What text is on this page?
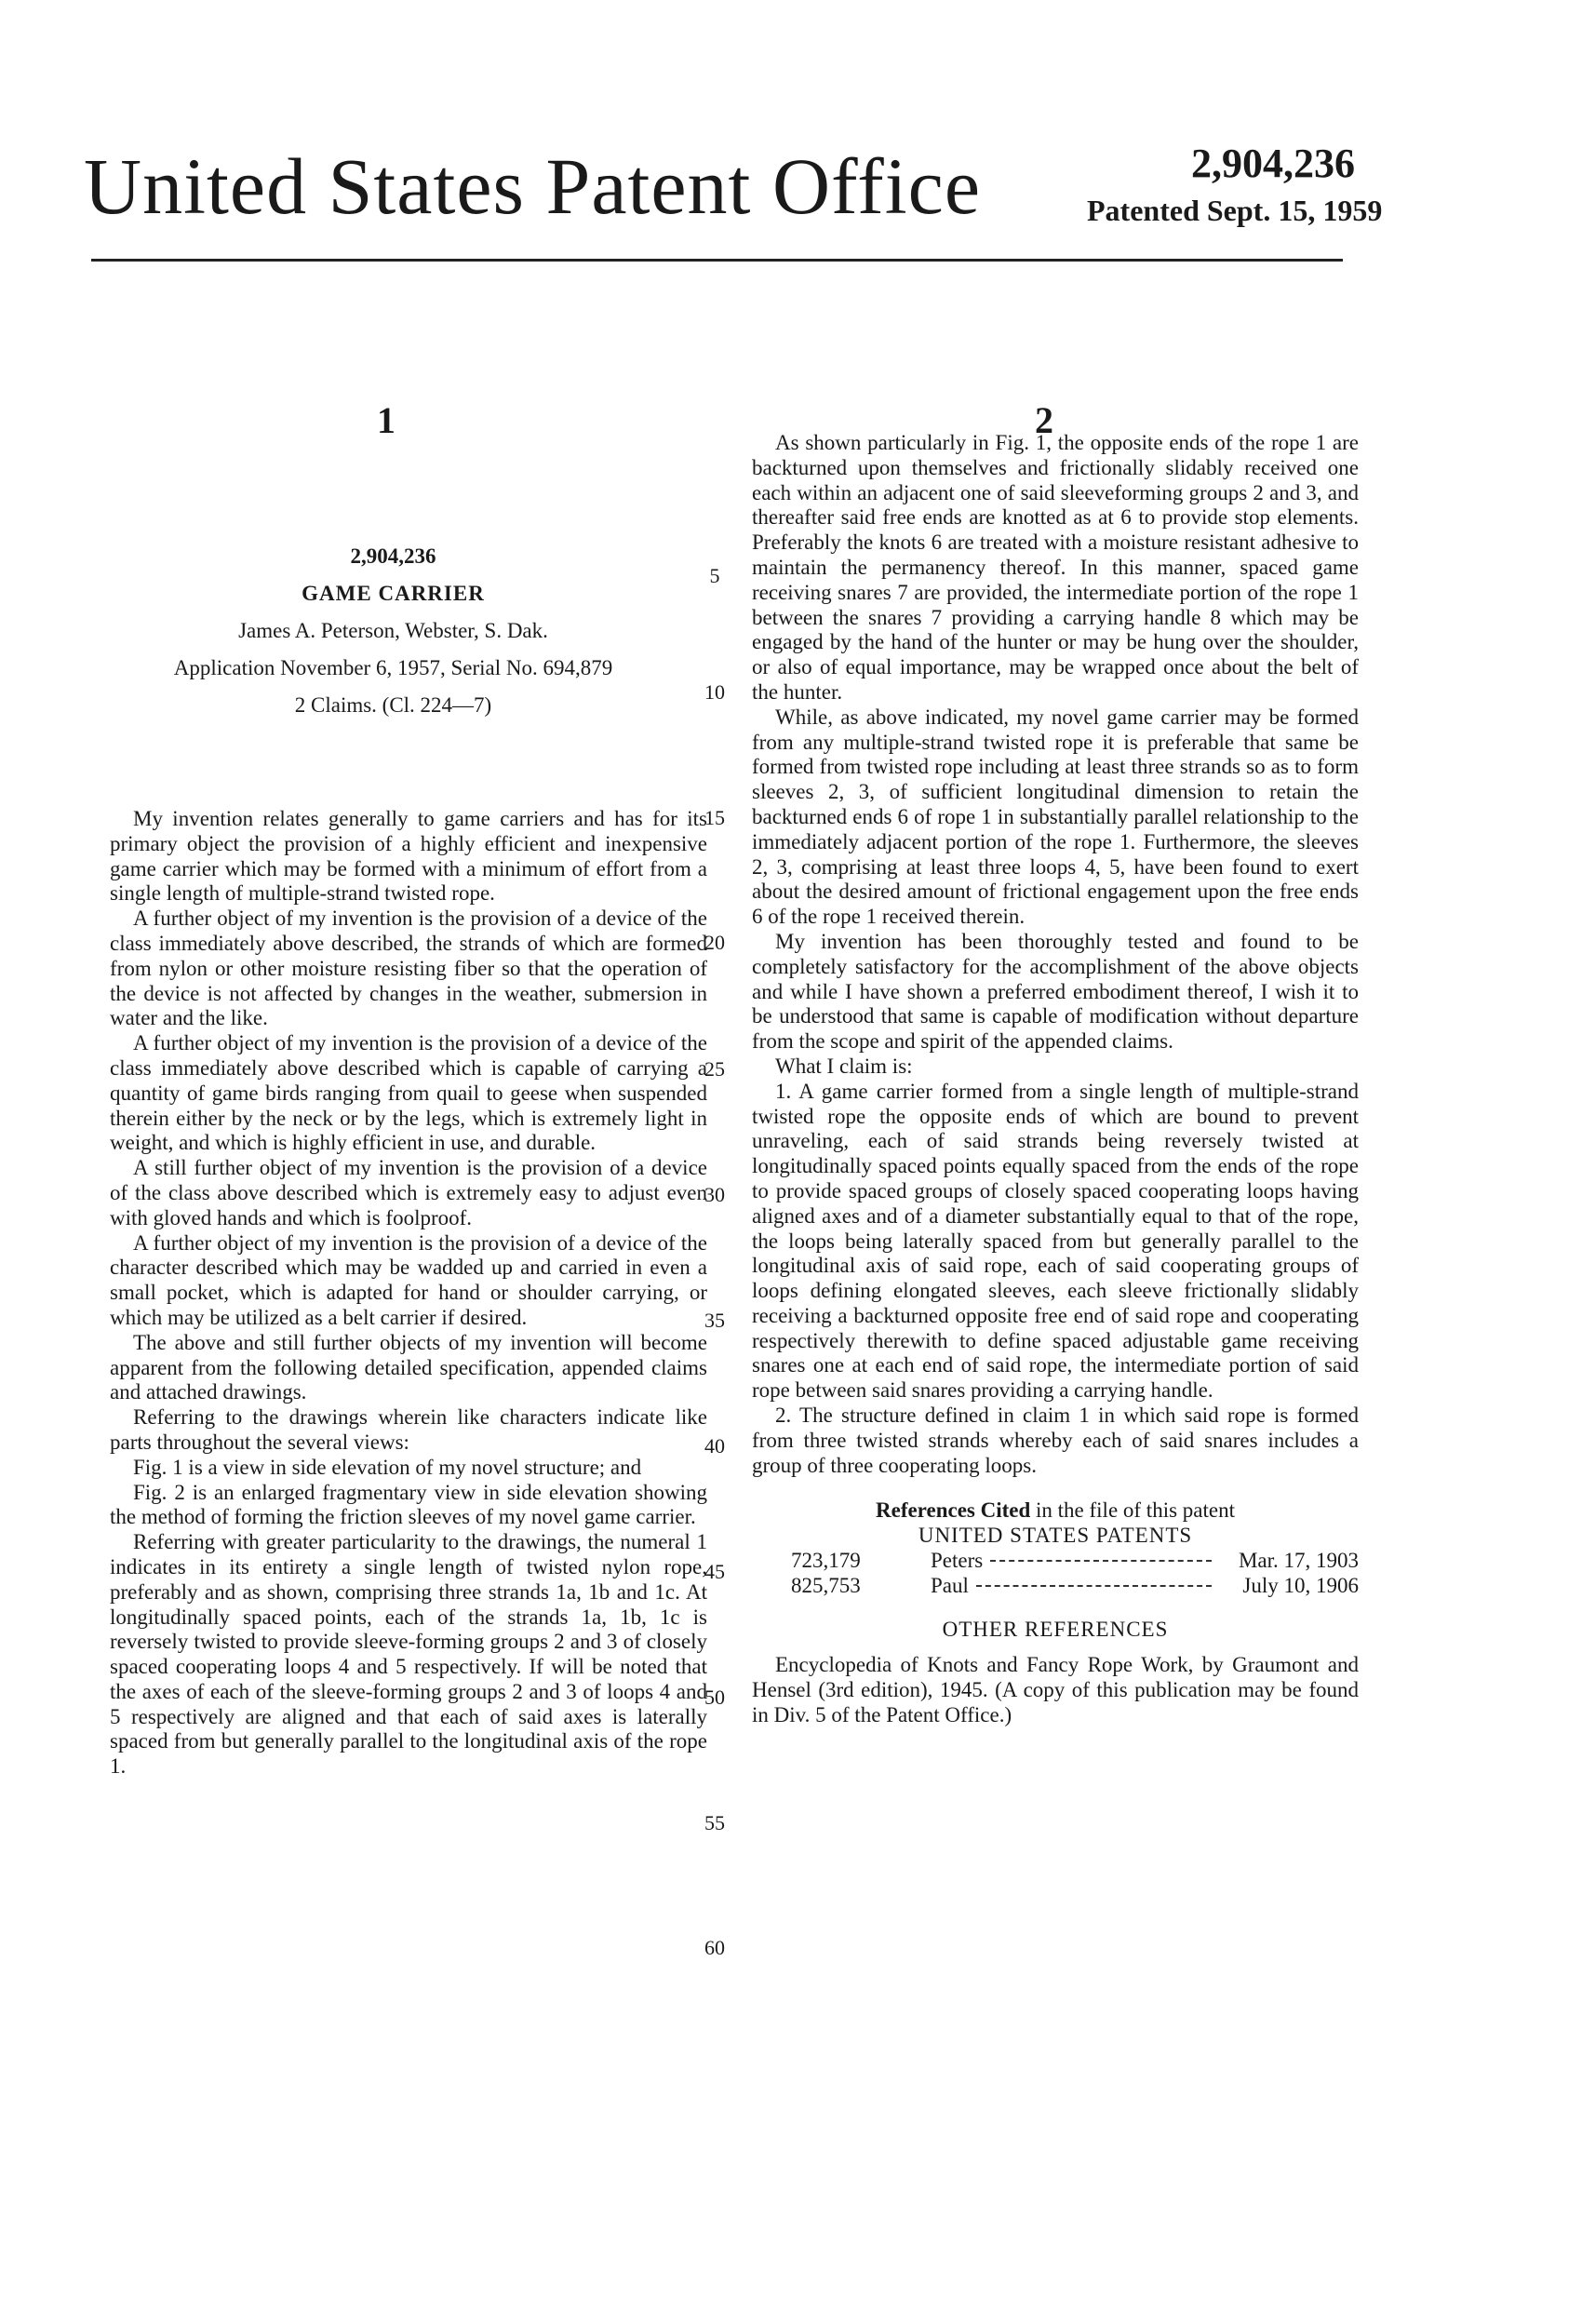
United States Patent Office	2,904,236
Patented Sept. 15, 1959
1	2
2,904,236
GAME CARRIER
James A. Peterson, Webster, S. Dak.
Application November 6, 1957, Serial No. 694,879
2 Claims. (Cl. 224—7)

My invention relates generally to game carriers and has for its primary object the provision of a highly efficient and inexpensive game carrier which may be formed with a minimum of effort from a single length of multiple-strand twisted rope.

A further object of my invention is the provision of a device of the class immediately above described, the strands of which are formed from nylon or other moisture resisting fiber so that the operation of the device is not affected by changes in the weather, submersion in water and the like.

A further object of my invention is the provision of a device of the class immediately above described which is capable of carrying a quantity of game birds ranging from quail to geese when suspended therein either by the neck or by the legs, which is extremely light in weight, and which is highly efficient in use, and durable.

A still further object of my invention is the provision of a device of the class above described which is extremely easy to adjust even with gloved hands and which is foolproof.

A further object of my invention is the provision of a device of the character described which may be wadded up and carried in even a small pocket, which is adapted for hand or shoulder carrying, or which may be utilized as a belt carrier if desired.

The above and still further objects of my invention will become apparent from the following detailed specification, appended claims and attached drawings.

Referring to the drawings wherein like characters indicate like parts throughout the several views:

Fig. 1 is a view in side elevation of my novel structure; and

Fig. 2 is an enlarged fragmentary view in side elevation showing the method of forming the friction sleeves of my novel game carrier.

Referring with greater particularity to the drawings, the numeral 1 indicates in its entirety a single length of twisted nylon rope, preferably and as shown, comprising three strands 1a, 1b and 1c. At longitudinally spaced points, each of the strands 1a, 1b, 1c is reversely twisted to provide sleeve-forming groups 2 and 3 of closely spaced cooperating loops 4 and 5 respectively. If will be noted that the axes of each of the sleeve-forming groups 2 and 3 of loops 4 and 5 respectively are aligned and that each of said axes is laterally spaced from but generally parallel to the longitudinal axis of the rope 1.

5
10
15
20
25
30
35
40
45
50
55
60

As shown particularly in Fig. 1, the opposite ends of the rope 1 are backturned upon themselves and frictionally slidably received one each within an adjacent one of said sleeveforming groups 2 and 3, and thereafter said free ends are knotted as at 6 to provide stop elements. Preferably the knots 6 are treated with a moisture resistant adhesive to maintain the permanency thereof. In this manner, spaced game receiving snares 7 are provided, the intermediate portion of the rope 1 between the snares 7 providing a carrying handle 8 which may be engaged by the hand of the hunter or may be hung over the shoulder, or also of equal importance, may be wrapped once about the belt of the hunter.

While, as above indicated, my novel game carrier may be formed from any multiple-strand twisted rope it is preferable that same be formed from twisted rope including at least three strands so as to form sleeves 2, 3, of sufficient longitudinal dimension to retain the backturned ends 6 of rope 1 in substantially parallel relationship to the immediately adjacent portion of the rope 1. Furthermore, the sleeves 2, 3, comprising at least three loops 4, 5, have been found to exert about the desired amount of frictional engagement upon the free ends 6 of the rope 1 received therein.

My invention has been thoroughly tested and found to be completely satisfactory for the accomplishment of the above objects and while I have shown a preferred embodiment thereof, I wish it to be understood that same is capable of modification without departure from the scope and spirit of the appended claims.

What I claim is:

1. A game carrier formed from a single length of multiple-strand twisted rope the opposite ends of which are bound to prevent unraveling, each of said strands being reversely twisted at longitudinally spaced points equally spaced from the ends of the rope to provide spaced groups of closely spaced cooperating loops having aligned axes and of a diameter substantially equal to that of the rope, the loops being laterally spaced from but generally parallel to the longitudinal axis of said rope, each of said cooperating groups of loops defining elongated sleeves, each sleeve frictionally slidably receiving a backturned opposite free end of said rope and cooperating respectively therewith to define spaced adjustable game receiving snares one at each end of said rope, the intermediate portion of said rope between said snares providing a carrying handle.

2. The structure defined in claim 1 in which said rope is formed from three twisted strands whereby each of said snares includes a group of three cooperating loops.

References Cited in the file of this patent
UNITED STATES PATENTS
723,179	Peters	Mar. 17, 1903
825,753	Paul	July 10, 1906
OTHER REFERENCES

Encyclopedia of Knots and Fancy Rope Work, by Graumont and Hensel (3rd edition), 1945. (A copy of this publication may be found in Div. 5 of the Patent Office.)
